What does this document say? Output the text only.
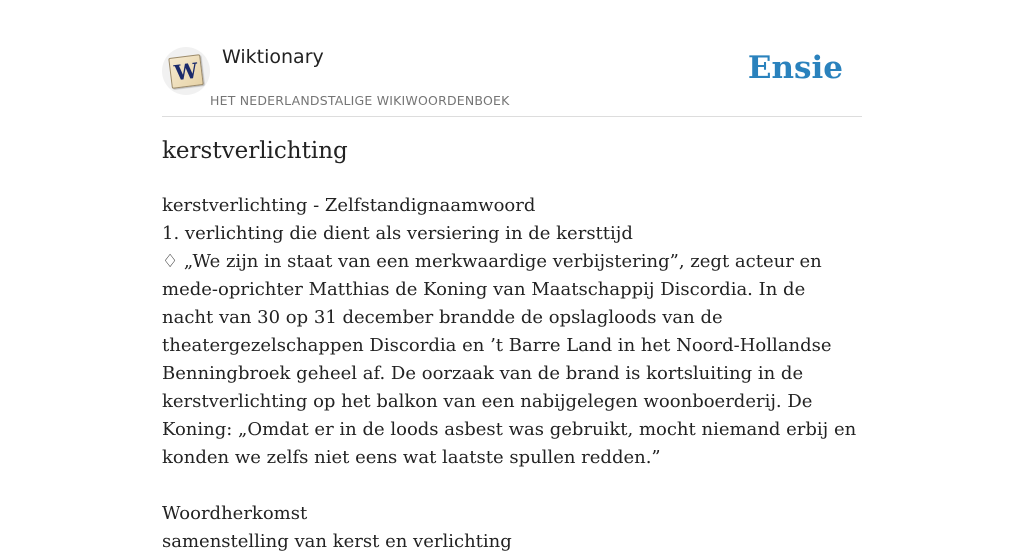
W
Wiktionary
HET NEDERLANDSTALIGE WIKIWOORDENBOEK
Ensie
kerstverlichting

kerstverlichting - Zelfstandignaamwoord

1. verlichting die dient als versiering in de kersttijd

♢ „We zijn in staat van een merkwaardige verbijstering”, zegt acteur en mede-oprichter Matthias de Koning van Maatschappij Discordia. In de nacht van 30 op 31 december brandde de opslagloods van de theatergezelschappen Discordia en ’t Barre Land in het Noord-Hollandse Benningbroek geheel af. De oorzaak van de brand is kortsluiting in de kerstverlichting op het balkon van een nabijgelegen woonboerderij. De Koning: „Omdat er in de loods asbest was gebruikt, mocht niemand erbij en konden we zelfs niet eens wat laatste spullen redden.”

Woordherkomst

samenstelling van kerst en verlichting
